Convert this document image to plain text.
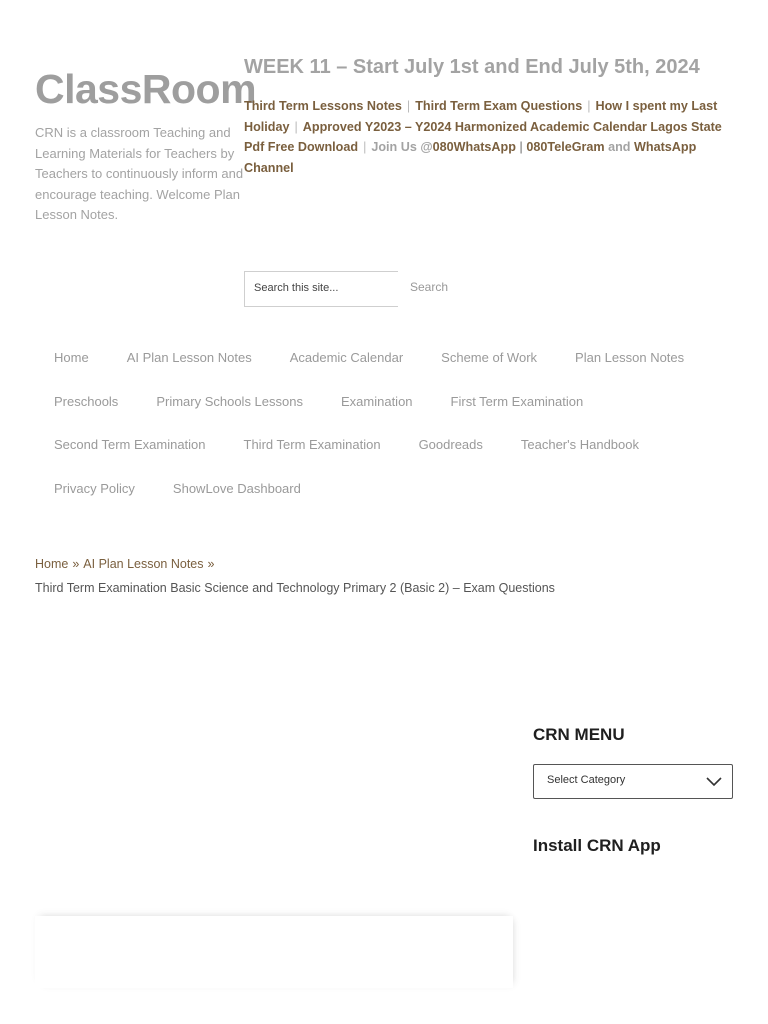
ClassRoom
CRN is a classroom Teaching and Learning Materials for Teachers by Teachers to continuously inform and encourage teaching. Welcome Plan Lesson Notes.
WEEK 11 – Start July 1st and End July 5th, 2024
Third Term Lessons Notes | Third Term Exam Questions | How I spent my Last Holiday | Approved Y2023 – Y2024 Harmonized Academic Calendar Lagos State Pdf Free Download | Join Us @080WhatsApp | 080TeleGram and WhatsApp Channel
Search this site...	Search
Home	AI Plan Lesson Notes	Academic Calendar	Scheme of Work	Plan Lesson Notes
Preschools	Primary Schools Lessons	Examination	First Term Examination
Second Term Examination	Third Term Examination	Goodreads	Teacher's Handbook
Privacy Policy	ShowLove Dashboard
Home » AI Plan Lesson Notes »
Third Term Examination Basic Science and Technology Primary 2 (Basic 2) – Exam Questions
CRN MENU
Select Category
Install CRN App
